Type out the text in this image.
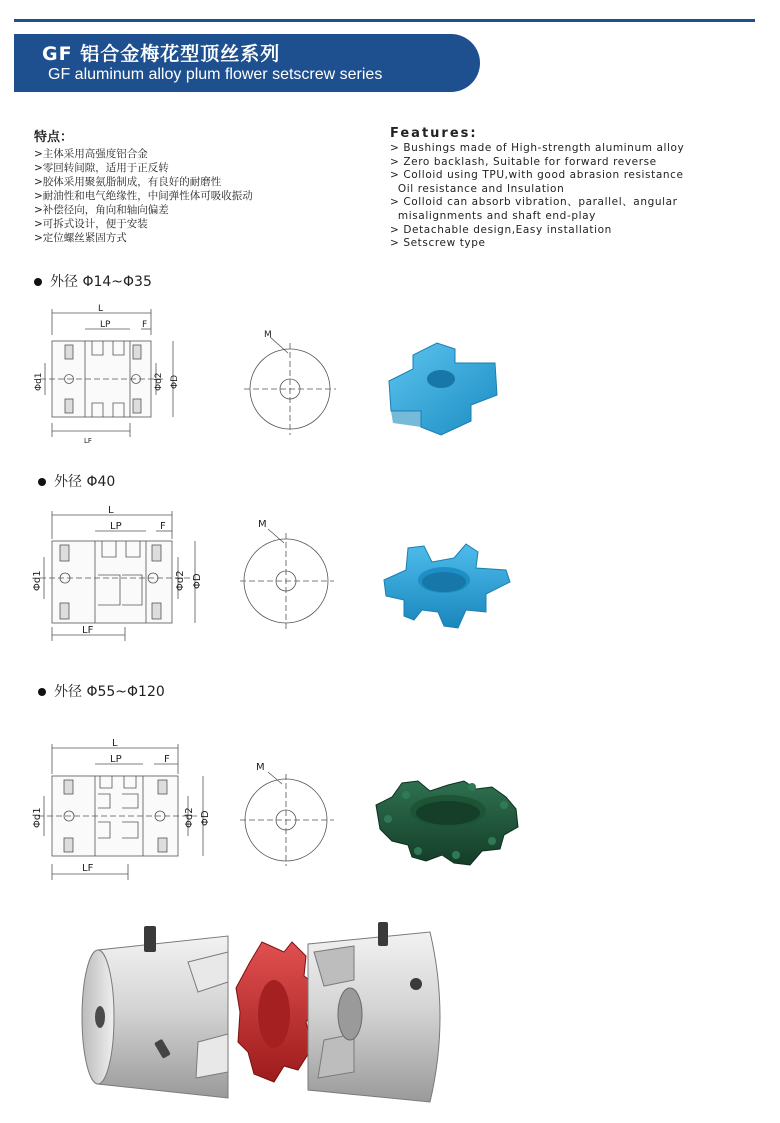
GF 铝合金梅花型顶丝系列
GF aluminum alloy plum flower setscrew series
特点：
>主体采用高强度铝合金
>零回转间隙，适用于正反转
>胶体采用聚氨脂制成，有良好的耐磨性
>耐油性和电气绝缘性，中间弹性体可吸收振动
>补偿径向，角向和轴向偏差
>可拆式设计，便于安装
>定位螺丝紧固方式
Features:
> Bushings made of High-strength aluminum alloy
> Zero backlash, Suitable for forward reverse
> Colloid using TPU,with good abrasion resistance
Oil resistance and Insulation
> Colloid can absorb vibration、parallel、angular
misalignments and shaft end-play
> Detachable design,Easy installation
> Setscrew type
外径 Φ14~Φ35
L
LP	F
LF
Φd1	Φd2 ΦD
M
外径 Φ40
L
LP	F
LF
Φd1	Φd2 ΦD
M
外径 Φ55~Φ120
L
LP	F
LF
Φd1	Φd2 ΦD
M
